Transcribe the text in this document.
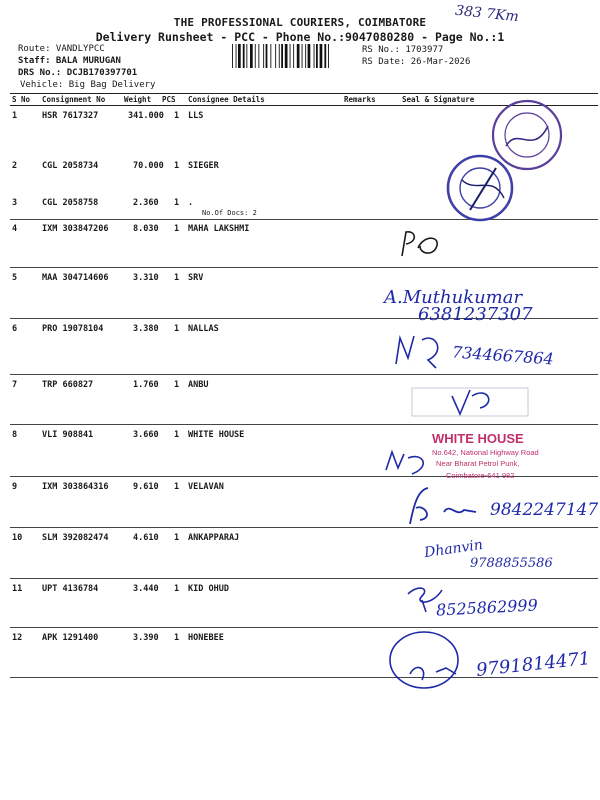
THE PROFESSIONAL COURIERS, COIMBATORE
Delivery Runsheet - PCC - Phone No.:9047080280 - Page No.:1
383 7Km
Route: VANDLYPCC
Staff: BALA MURUGAN
DRS No.: DCJB170397701
Vehicle: Big Bag Delivery
RS No.: 1703977
RS Date: 26-Mar-2026
S No Consignment No	Weight PCS Consignee Details	Remarks	Seal & Signature
1	HSR 7617327	341.000 1 LLS
2	CGL 2058734	70.000 1 SIEGER
3	CGL 2058758	2.360 1 .
No.Of Docs: 2
4	IXM 303847206	8.030 1 MAHA LAKSHMI
5	MAA 304714606	3.310 1 SRV
6	PRO 19078104	3.380 1 NALLAS
7	TRP 660827	1.760 1 ANBU
8	VLI 908841	3.660 1 WHITE HOUSE
9	IXM 303864316	9.610 1 VELAVAN
10 SLM 392082474	4.610 1 ANKAPPARAJ
11 UPT 4136784	3.440 1 KID OHUD
12 APK 1291400	3.390 1 HONEBEE
A.Muthukumar
6381237307
7344667864
WHITE HOUSE
No.642, National Highway Road
Near Bharat Petrol Punk,
Coimbatore-641 982
9842247147
Dhanvin
9788855586
8525862999
9791814471
